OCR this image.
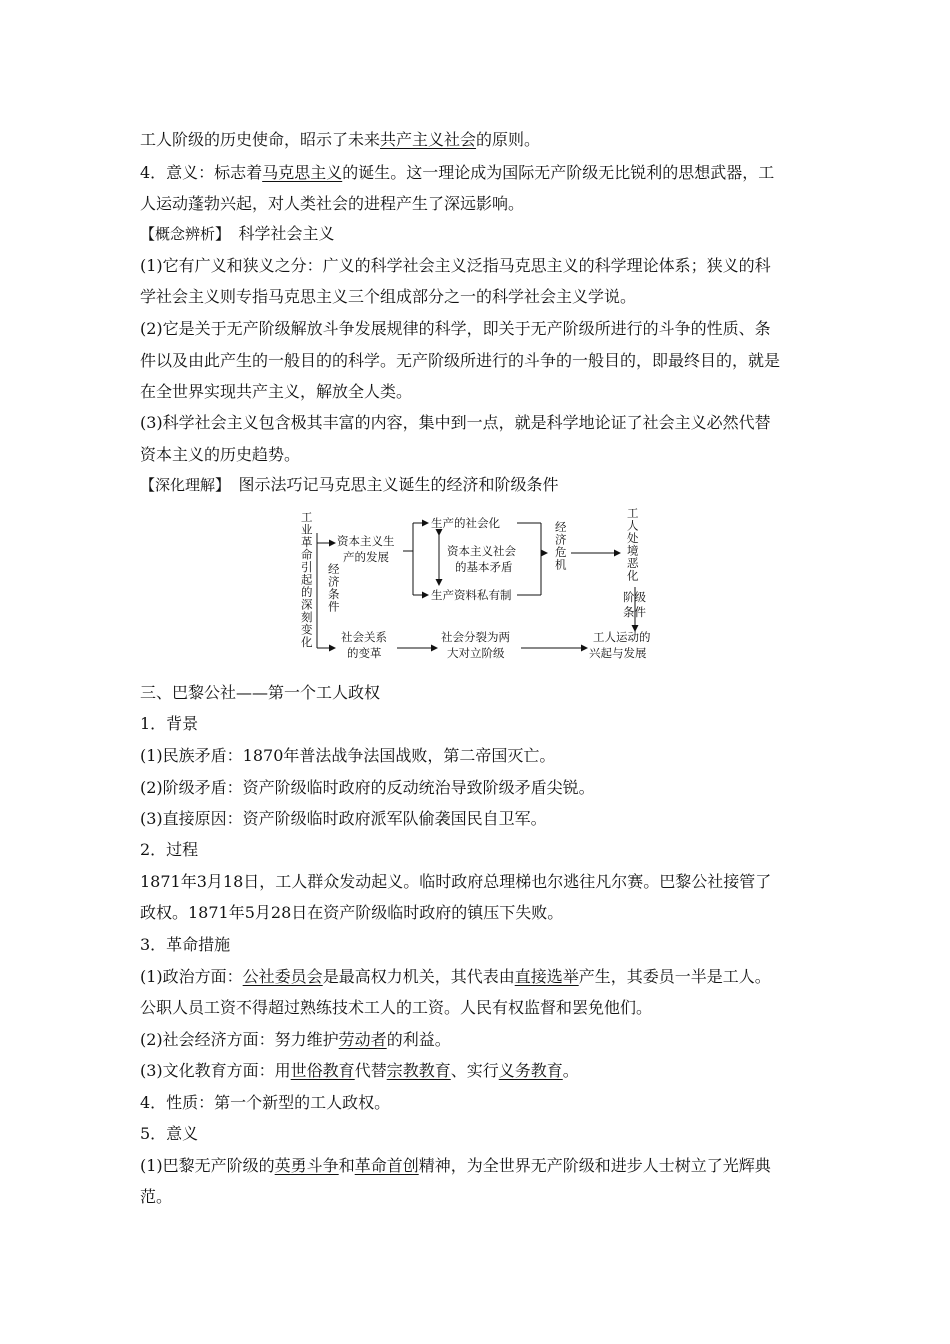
工人阶级的历史使命，昭示了未来共产主义社会的原则。
4．意义：标志着马克思主义的诞生。这一理论成为国际无产阶级无比锐利的思想武器，工
人运动蓬勃兴起，对人类社会的进程产生了深远影响。
【概念辨析】　科学社会主义
(1)它有广义和狭义之分：广义的科学社会主义泛指马克思主义的科学理论体系；狭义的科
学社会主义则专指马克思主义三个组成部分之一的科学社会主义学说。
(2)它是关于无产阶级解放斗争发展规律的科学，即关于无产阶级所进行的斗争的性质、条
件以及由此产生的一般目的的科学。无产阶级所进行的斗争的一般目的，即最终目的，就是
在全世界实现共产主义，解放全人类。
(3)科学社会主义包含极其丰富的内容，集中到一点，就是科学地论证了社会主义必然代替
资本主义的历史趋势。
【深化理解】　图示法巧记马克思主义诞生的经济和阶级条件
三、巴黎公社——第一个工人政权
1．背景
(1)民族矛盾：1870年普法战争法国战败，第二帝国灭亡。
(2)阶级矛盾：资产阶级临时政府的反动统治导致阶级矛盾尖锐。
(3)直接原因：资产阶级临时政府派军队偷袭国民自卫军。
2．过程
1871年3月18日，工人群众发动起义。临时政府总理梯也尔逃往凡尔赛。巴黎公社接管了
政权。1871年5月28日在资产阶级临时政府的镇压下失败。
3．革命措施
(1)政治方面：公社委员会是最高权力机关，其代表由直接选举产生，其委员一半是工人。
公职人员工资不得超过熟练技术工人的工资。人民有权监督和罢免他们。
(2)社会经济方面：努力维护劳动者的利益。
(3)文化教育方面：用世俗教育代替宗教教育、实行义务教育。
4．性质：第一个新型的工人政权。
5．意义
(1)巴黎无产阶级的英勇斗争和革命首创精神，为全世界无产阶级和进步人士树立了光辉典
范。
工业革命引起的深刻变化
经济条件
资本主义生
产的发展
生产的社会化
生产资料私有制
资本主义社会
的基本矛盾
经济危机
工人处境恶化
阶级条件
社会关系
的变革
社会分裂为两
大对立阶级
工人运动的
兴起与发展
